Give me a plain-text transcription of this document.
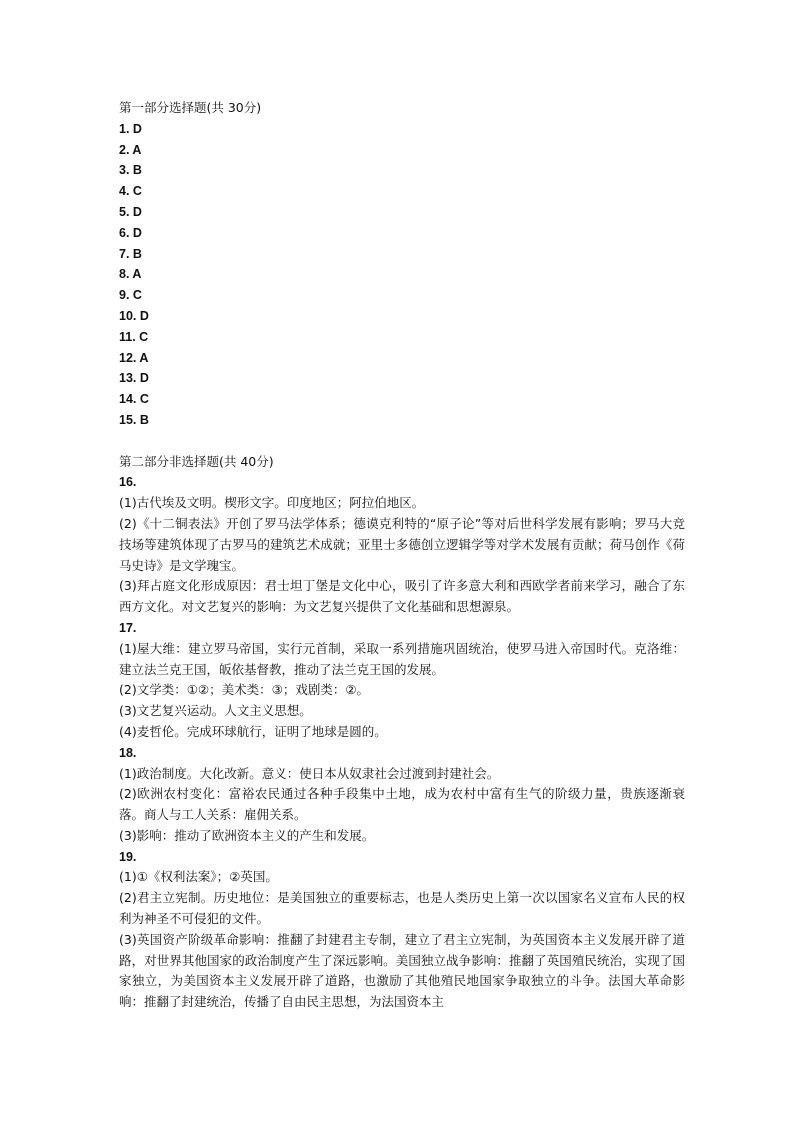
第一部分选择题(共 30分)
1. D
2. A
3. B
4. C
5. D
6. D
7. B
8. A
9. C
10. D
11. C
12. A
13. D
14. C
15. B
第二部分非选择题(共 40分)
16.
(1)古代埃及文明。楔形文字。印度地区；阿拉伯地区。
(2)《十二铜表法》开创了罗马法学体系；德谟克利特的“原子论”等对后世科学发展有影响；罗马大竞技场等建筑体现了古罗马的建筑艺术成就；亚里士多德创立逻辑学等对学术发展有贡献；荷马创作《荷马史诗》是文学瑰宝。
(3)拜占庭文化形成原因：君士坦丁堡是文化中心，吸引了许多意大利和西欧学者前来学习，融合了东西方文化。对文艺复兴的影响：为文艺复兴提供了文化基础和思想源泉。
17.
(1)屋大维：建立罗马帝国，实行元首制，采取一系列措施巩固统治，使罗马进入帝国时代。克洛维：建立法兰克王国，皈依基督教，推动了法兰克王国的发展。
(2)文学类：①②；美术类：③；戏剧类：②。
(3)文艺复兴运动。人文主义思想。
(4)麦哲伦。完成环球航行，证明了地球是圆的。
18.
(1)政治制度。大化改新。意义：使日本从奴隶社会过渡到封建社会。
(2)欧洲农村变化：富裕农民通过各种手段集中土地，成为农村中富有生气的阶级力量，贵族逐渐衰落。商人与工人关系：雇佣关系。
(3)影响：推动了欧洲资本主义的产生和发展。
19.
(1)①《权利法案》；②英国。
(2)君主立宪制。历史地位：是美国独立的重要标志，也是人类历史上第一次以国家名义宣布人民的权利为神圣不可侵犯的文件。
(3)英国资产阶级革命影响：推翻了封建君主专制，建立了君主立宪制，为英国资本主义发展开辟了道路，对世界其他国家的政治制度产生了深远影响。美国独立战争影响：推翻了英国殖民统治，实现了国家独立，为美国资本主义发展开辟了道路，也激励了其他殖民地国家争取独立的斗争。法国大革命影响：推翻了封建统治，传播了自由民主思想，为法国资本主
